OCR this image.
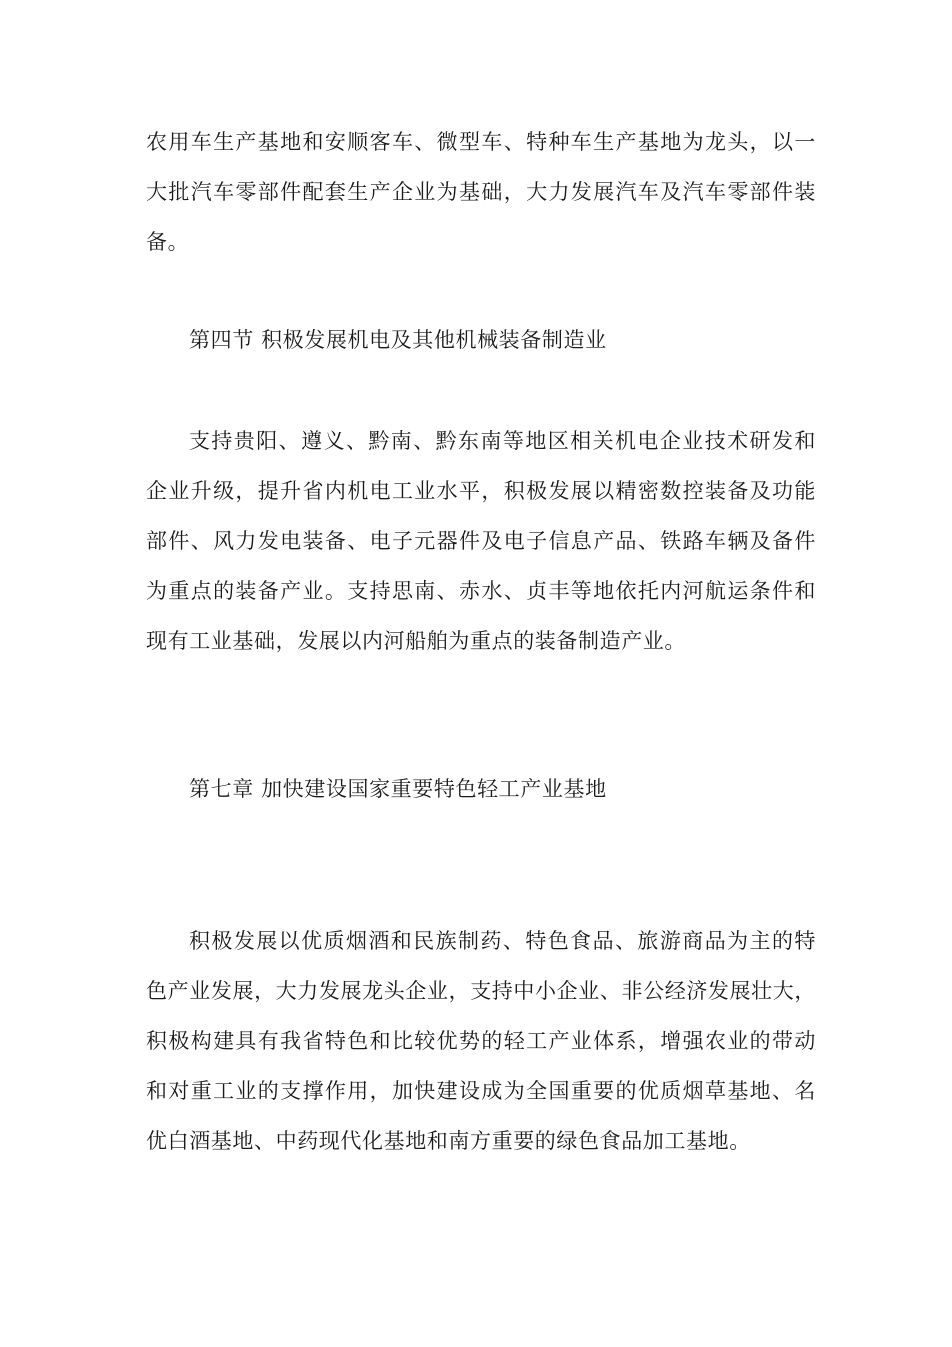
农用车生产基地和安顺客车、微型车、特种车生产基地为龙头，以一
大批汽车零部件配套生产企业为基础，大力发展汽车及汽车零部件装
备。
第四节 积极发展机电及其他机械装备制造业
支持贵阳、遵义、黔南、黔东南等地区相关机电企业技术研发和
企业升级，提升省内机电工业水平，积极发展以精密数控装备及功能
部件、风力发电装备、电子元器件及电子信息产品、铁路车辆及备件
为重点的装备产业。支持思南、赤水、贞丰等地依托内河航运条件和
现有工业基础，发展以内河船舶为重点的装备制造产业。
第七章 加快建设国家重要特色轻工产业基地
积极发展以优质烟酒和民族制药、特色食品、旅游商品为主的特
色产业发展，大力发展龙头企业，支持中小企业、非公经济发展壮大，
积极构建具有我省特色和比较优势的轻工产业体系，增强农业的带动
和对重工业的支撑作用，加快建设成为全国重要的优质烟草基地、名
优白酒基地、中药现代化基地和南方重要的绿色食品加工基地。
